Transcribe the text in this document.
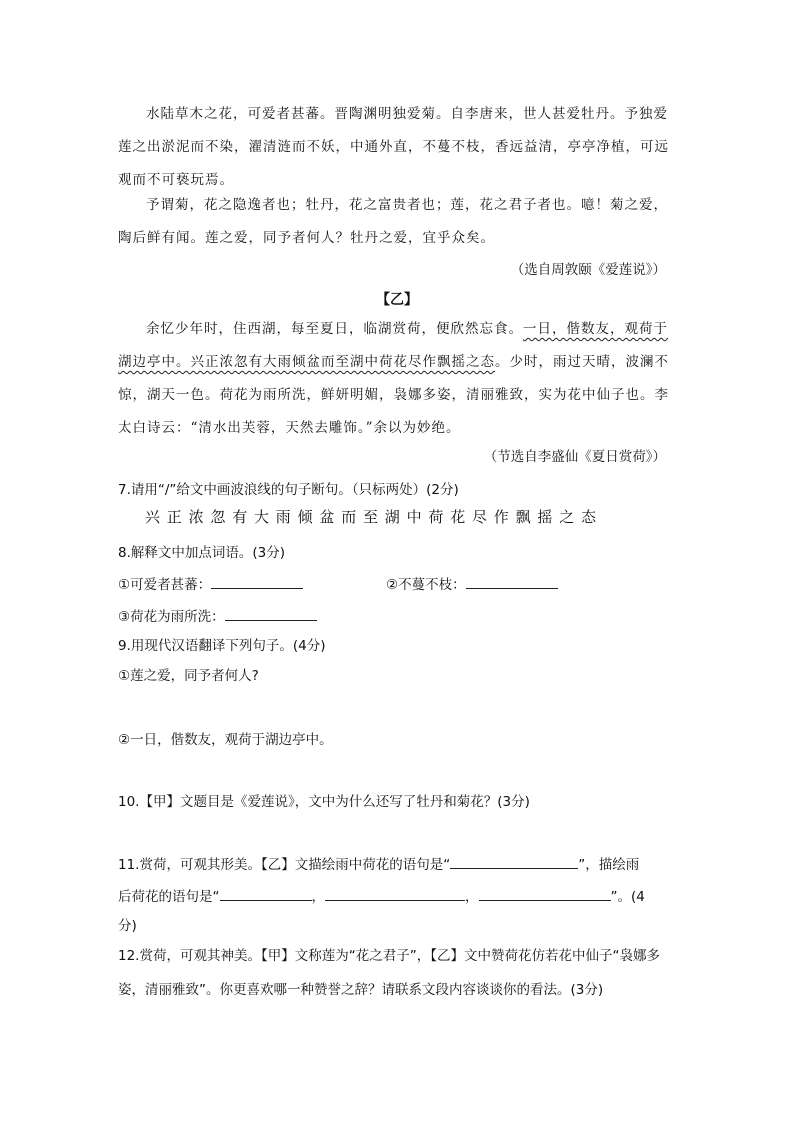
水陆草木之花，可爱者甚蕃。晋陶渊明独爱菊。自李唐来，世人甚爱牡丹。予独爱莲之出淤泥而不染，濯清涟而不妖，中通外直，不蔓不枝，香远益清，亭亭净植，可远观而不可亵玩焉。

予谓菊，花之隐逸者也；牡丹，花之富贵者也；莲，花之君子者也。噫！菊之爱，陶后鲜有闻。莲之爱，同予者何人？牡丹之爱，宜乎众矣。

（选自周敦颐《爱莲说》）
【乙】

余忆少年时，住西湖，每至夏日，临湖赏荷，便欣然忘食。一日，偕数友，观荷于湖边亭中。兴正浓忽有大雨倾盆而至湖中荷花尽作飘摇之态。少时，雨过天晴，波澜不惊，湖天一色。荷花为雨所洗，鲜妍明媚，袅娜多姿，清丽雅致，实为花中仙子也。李太白诗云：“清水出芙蓉，天然去雕饰。”余以为妙绝。

（节选自李盛仙《夏日赏荷》）
7.请用“/”给文中画波浪线的句子断句。（只标两处）(2分)
兴正浓忽有大雨倾盆而至湖中荷花尽作飘摇之态
8.解释文中加点词语。(3分)
①可爱者甚蕃：	②不蔓不枝：
③荷花为雨所洗：
9.用现代汉语翻译下列句子。(4分)
①莲之爱，同予者何人?
②一日，偕数友，观荷于湖边亭中。
10.【甲】文题目是《爱莲说》，文中为什么还写了牡丹和菊花？(3分)
11.赏荷，可观其形美。【乙】文描绘雨中荷花的语句是“	”，描绘雨
后荷花的语句是“	，	，	”。(4
分)

12.赏荷，可观其神美。【甲】文称莲为“花之君子”，【乙】文中赞荷花仿若花中仙子“袅娜多姿，清丽雅致”。你更喜欢哪一种赞誉之辞？请联系文段内容谈谈你的看法。(3分)
